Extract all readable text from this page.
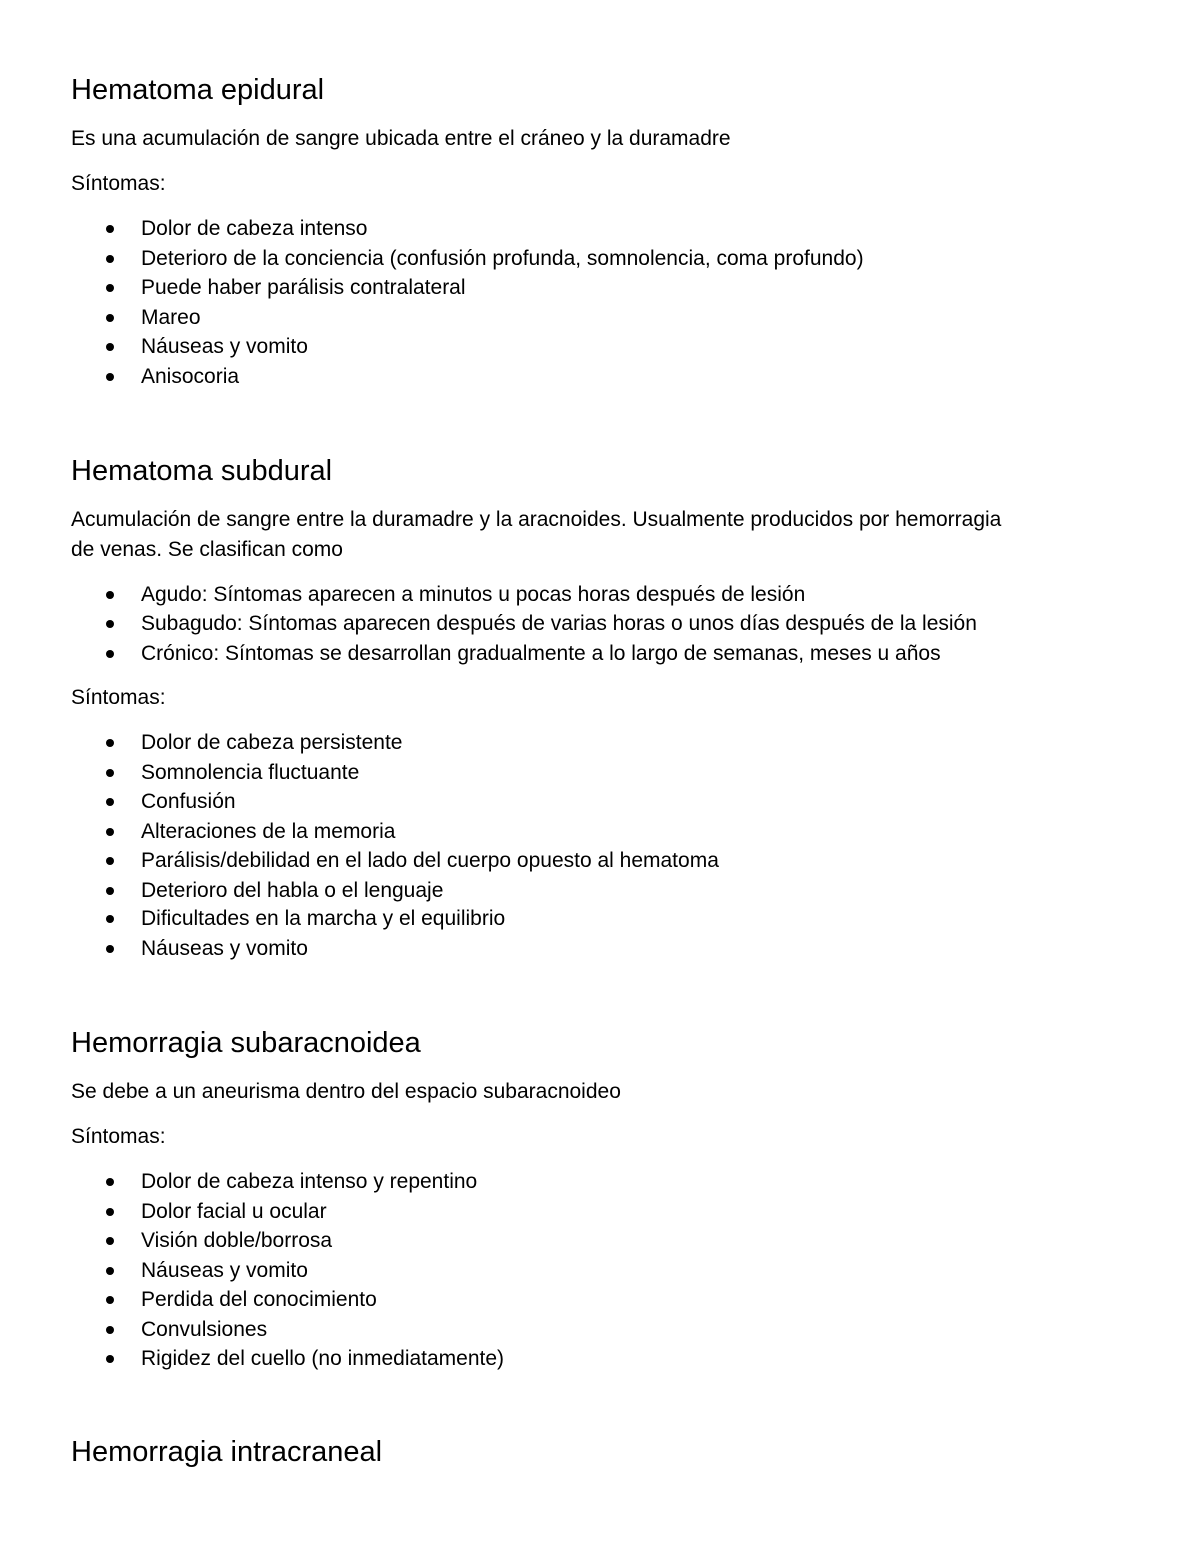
Hematoma epidural

Es una acumulación de sangre ubicada entre el cráneo y la duramadre

Síntomas:

Dolor de cabeza intenso

Deterioro de la conciencia (confusión profunda, somnolencia, coma profundo)

Puede haber parálisis contralateral

Mareo

Náuseas y vomito

Anisocoria

Hematoma subdural

Acumulación de sangre entre la duramadre y la aracnoides. Usualmente producidos por hemorragia

de venas. Se clasifican como

Agudo: Síntomas aparecen a minutos u pocas horas después de lesión

Subagudo: Síntomas aparecen después de varias horas o unos días después de la lesión

Crónico: Síntomas se desarrollan gradualmente a lo largo de semanas, meses u años

Síntomas:

Dolor de cabeza persistente

Somnolencia fluctuante

Confusión

Alteraciones de la memoria

Parálisis/debilidad en el lado del cuerpo opuesto al hematoma

Deterioro del habla o el lenguaje

Dificultades en la marcha y el equilibrio

Náuseas y vomito

Hemorragia subaracnoidea

Se debe a un aneurisma dentro del espacio subaracnoideo

Síntomas:

Dolor de cabeza intenso y repentino

Dolor facial u ocular

Visión doble/borrosa

Náuseas y vomito

Perdida del conocimiento

Convulsiones

Rigidez del cuello (no inmediatamente)

Hemorragia intracraneal
